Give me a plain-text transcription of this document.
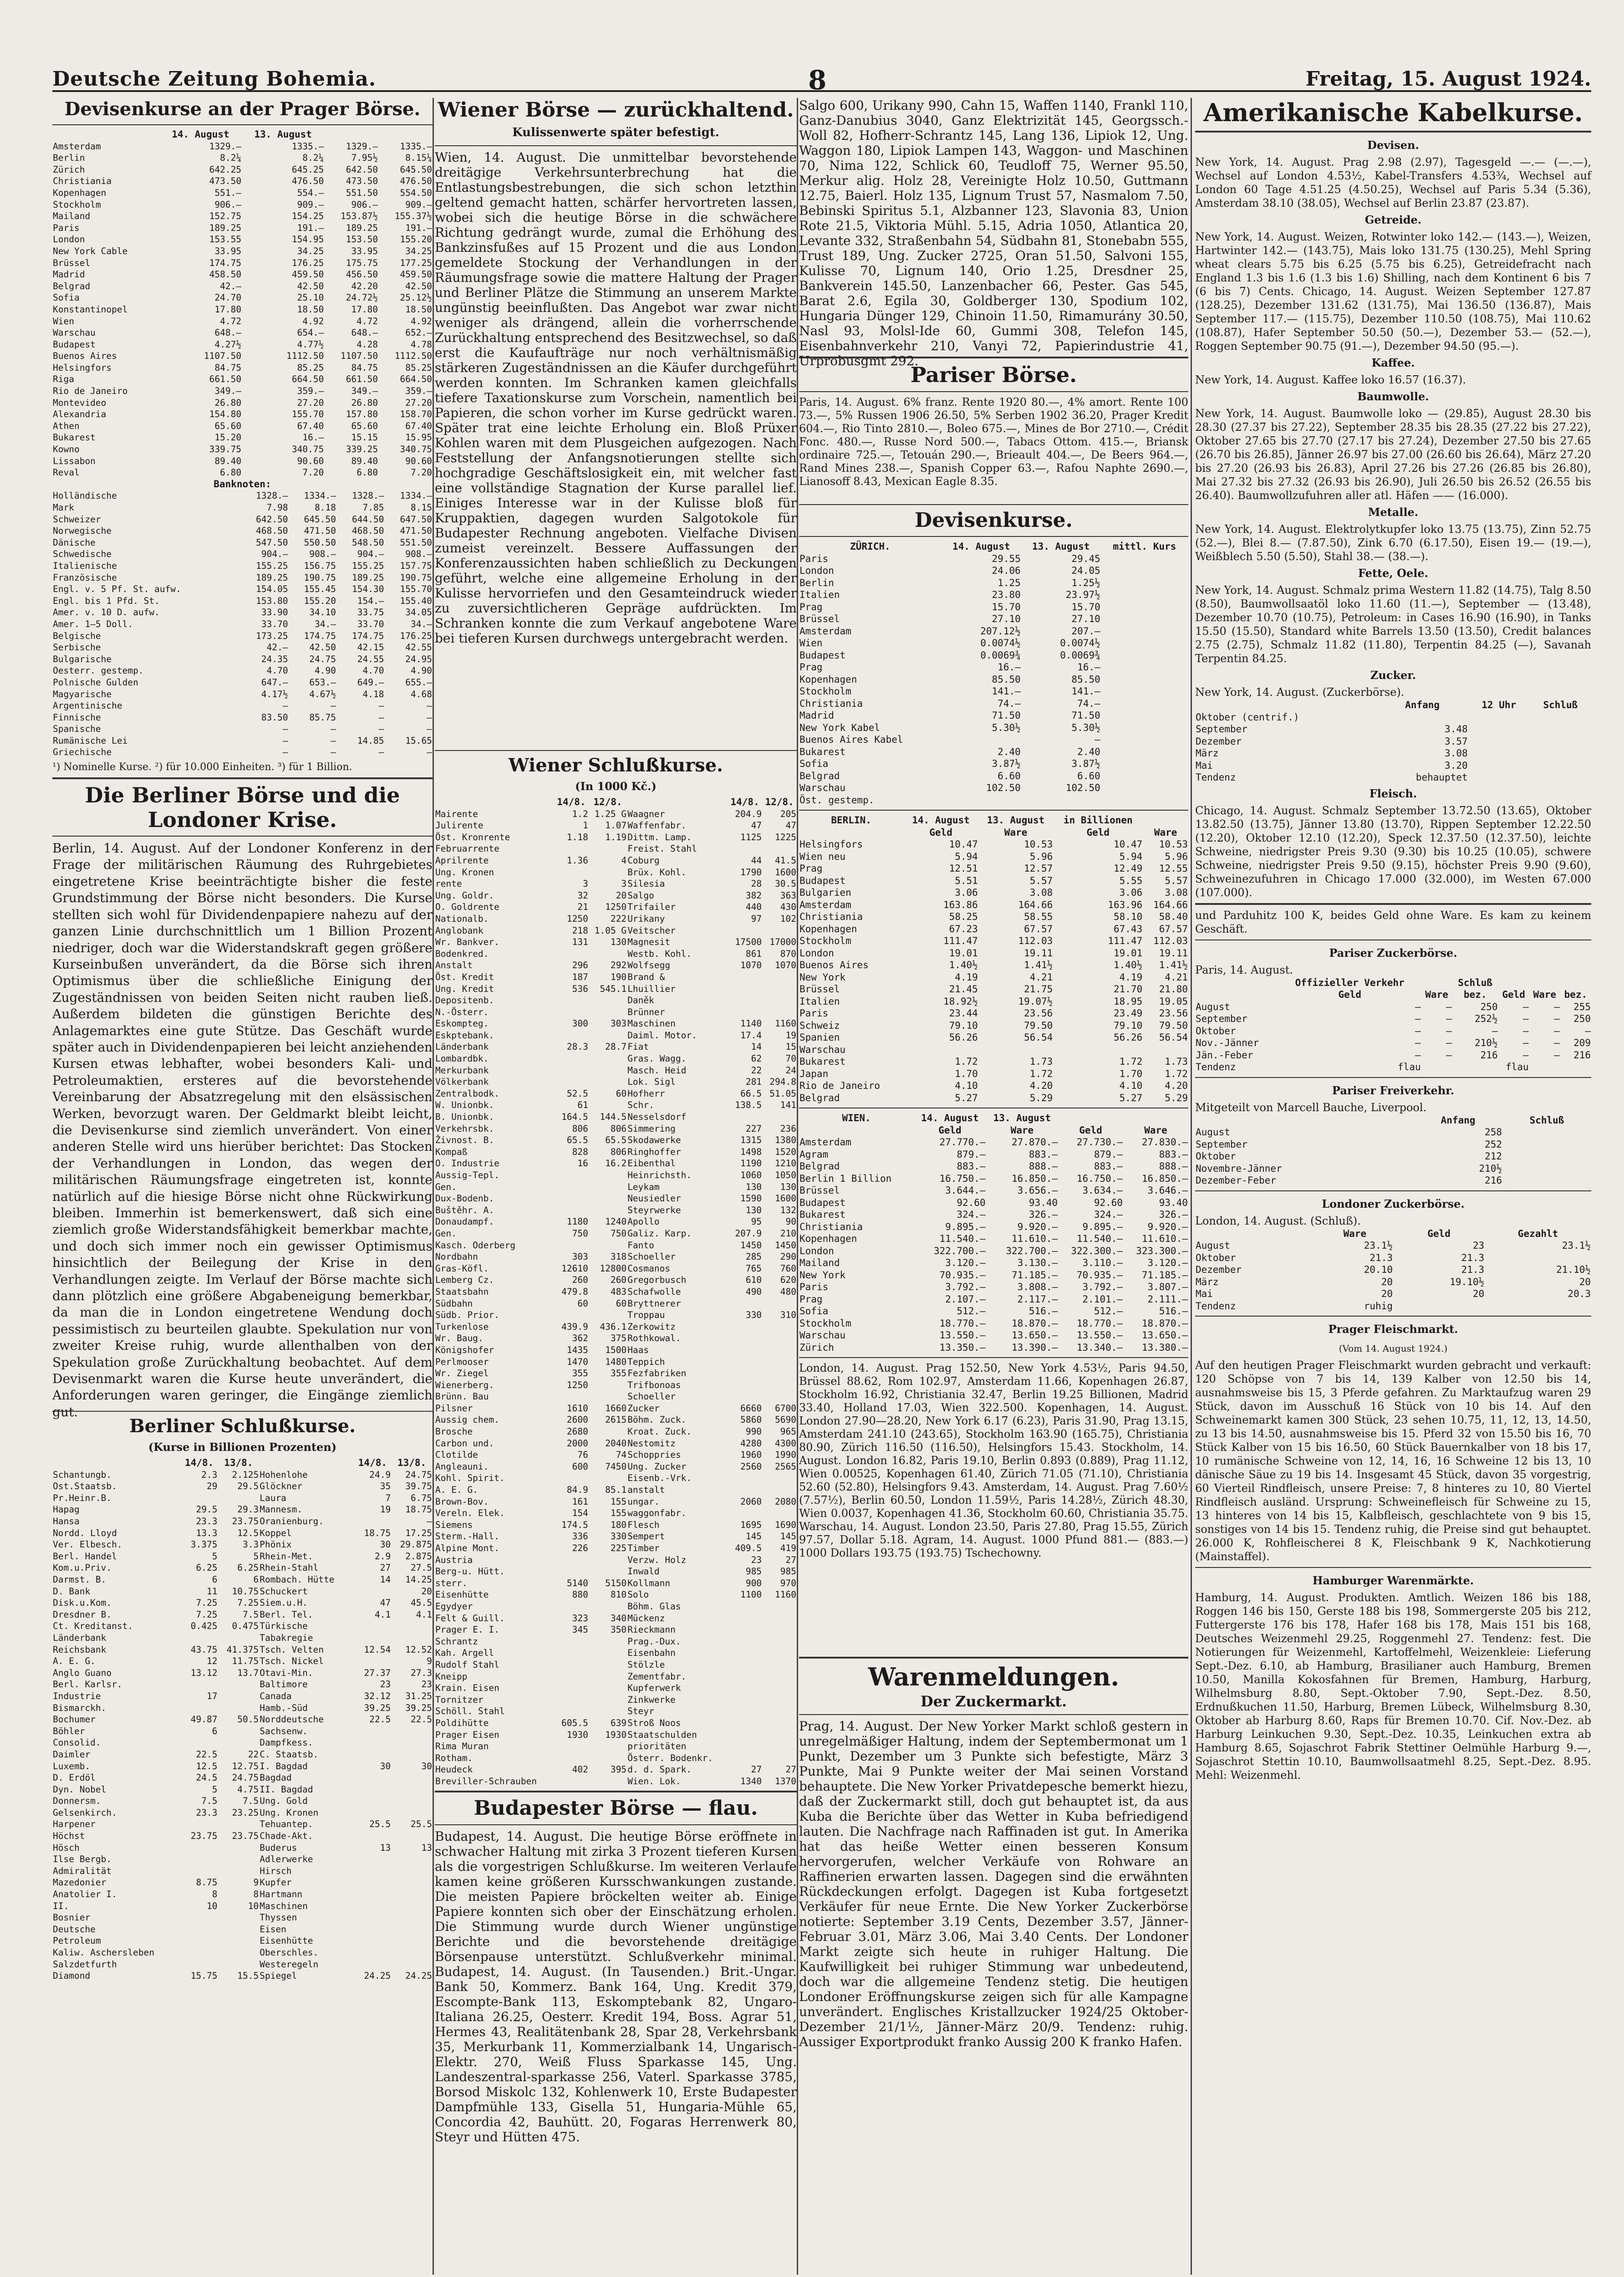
Deutsche Zeitung Bohemia.	8	Freitag, 15. August 1924.

Devisenkurse an der Prager Börse.

	14. August	13. August		
Amsterdam	1329.—	1335.—	1329.—	1335.—
Berlin	8.2¼	8.2¼	7.95½	8.15¼
Zürich	642.25	645.25	642.50	645.50
Christiania	473.50	476.50	473.50	476.50
Kopenhagen	551.—	554.—	551.50	554.50
Stockholm	906.—	909.—	906.—	909.—
Mailand	152.75	154.25	153.87½	155.37½
Paris	189.25	191.—	189.25	191.—
London	153.55	154.95	153.50	155.20
New York Cable	33.95	34.25	33.95	34.25
Brüssel	174.75	176.25	175.75	177.25
Madrid	458.50	459.50	456.50	459.50
Belgrad	42.—	42.50	42.20	42.50
Sofia	24.70	25.10	24.72½	25.12½
Konstantinopel	17.80	18.50	17.80	18.50
Wien	4.72	4.92	4.72	4.92
Warschau	648.—	654.—	648.—	652.—
Budapest	4.27½	4.77½	4.28	4.78
Buenos Aires	1107.50	1112.50	1107.50	1112.50
Helsingfors	84.75	85.25	84.75	85.25
Riga	661.50	664.50	661.50	664.50
Rio de Janeiro	349.—	359.—	349.—	359.—
Montevideo	26.80	27.20	26.80	27.20
Alexandria	154.80	155.70	157.80	158.70
Athen	65.60	67.40	65.60	67.40
Bukarest	15.20	16.—	15.15	15.95
Kowno	339.75	340.75	339.25	340.75
Lissabon	89.40	90.60	89.40	90.60
Reval	6.80	7.20	6.80	7.20
Banknoten:				
Holländische	1328.—	1334.—	1328.—	1334.—
Mark	7.98	8.18	7.85	8.15
Schweizer	642.50	645.50	644.50	647.50
Norwegische	468.50	471.50	468.50	471.50
Dänische	547.50	550.50	548.50	551.50
Schwedische	904.—	908.—	904.—	908.—
Italienische	155.25	156.75	155.25	157.75
Französische	189.25	190.75	189.25	190.75
Engl. v. 5 Pf. St. aufw.	154.05	155.45	154.30	155.70
Engl. bis 1 Pfd. St.	153.80	155.20	154.—	155.40
Amer. v. 10 D. aufw.	33.90	34.10	33.75	34.05
Amer. 1—5 Doll.	33.70	34.—	33.70	34.—
Belgische	173.25	174.75	174.75	176.25
Serbische	42.—	42.50	42.15	42.55
Bulgarische	24.35	24.75	24.55	24.95
Oesterr. gestemp.	4.70	4.90	4.70	4.90
Polnische Gulden	647.—	653.—	649.—	655.—
Magyarische	4.17½	4.67½	4.18	4.68
Argentinische	—	—	—	—
Finnische	83.50	85.75	—	—
Spanische	—	—	—	—
Rumänische Lei	—	—	14.85	15.65
Griechische	—	—	—	—

¹) Nominelle Kurse. ²) für 10.000 Einheiten. ³) für 1 Billion.

Die Berliner Börse und die Londoner Krise.

Berlin, 14. August. Auf der Londoner Konferenz in der Frage der militärischen Räumung des Ruhrgebietes eingetretene Krise beeinträchtigte bisher die feste Grundstimmung der Börse nicht besonders. Die Kurse stellten sich wohl für Dividendenpapiere nahezu auf der ganzen Linie durchschnittlich um 1 Billion Prozent niedriger, doch war die Widerstandskraft gegen größere Kurseinbußen unverändert, da die Börse sich ihren Optimismus über die schließliche Einigung der Zugeständnissen von beiden Seiten nicht rauben ließ. Außerdem bildeten die günstigen Berichte des Anlagemarktes eine gute Stütze. Das Geschäft wurde später auch in Dividendenpapieren bei leicht anziehenden Kursen etwas lebhafter, wobei besonders Kali- und Petroleumaktien, ersteres auf die bevorstehende Vereinbarung der Absatzregelung mit den elsässischen Werken, bevorzugt waren. Der Geldmarkt bleibt leicht, die Devisenkurse sind ziemlich unverändert. Von einer anderen Stelle wird uns hierüber berichtet: Das Stocken der Verhandlungen in London, das wegen der militärischen Räumungsfrage eingetreten ist, konnte natürlich auf die hiesige Börse nicht ohne Rückwirkung bleiben. Immerhin ist bemerkenswert, daß sich eine ziemlich große Widerstandsfähigkeit bemerkbar machte, und doch sich immer noch ein gewisser Optimismus hinsichtlich der Beilegung der Krise in den Verhandlungen zeigte. Im Verlauf der Börse machte sich dann plötzlich eine größere Abgabeneigung bemerkbar, da man die in London eingetretene Wendung doch pessimistisch zu beurteilen glaubte. Spekulation nur von zweiter Kreise ruhig, wurde allenthalben von der Spekulation große Zurückhaltung beobachtet. Auf dem Devisenmarkt waren die Kurse heute unverändert, die Anforderungen waren geringer, die Eingänge ziemlich gut.

Berliner Schlußkurse.

(Kurse in Billionen Prozenten)

	14/8.	13/8.		14/8.	13/8.
Schantungb.	2.3	2.125	Hohenlohe	24.9	24.75
Ost.Staatsb.	29	29.5	Glöckner	35	39.75
Pr.Heinr.B.			Laura	7	6.75
Hapag	29.5	29.3	Mannesm.	19	18.75
Hansa	23.3	23.75	Oranienburg.		—
Nordd. Lloyd	13.3	12.5	Koppel	18.75	17.25
Ver. Elbesch.	3.375	3.3	Phönix	30	29.875
Berl. Handel	5	5	Rhein-Met.	2.9	2.875
Kom.u.Priv.	6.25	6.25	Rhein-Stahl	27	27.5
Darmst. B.	6	6	Rombach. Hütte	14	14.25
D. Bank	11	10.75	Schuckert		20
Disk.u.Kom.	7.25	7.25	Siem.u.H.	47	45.5
Dresdner B.	7.25	7.5	Berl. Tel.	4.1	4.1
Ct. Kreditanst.	0.425	0.475	Türkische		
Länderbank			Tabakregie		
Reichsbank	43.75	41.375	Tsch. Velten	12.54	12.52
A. E. G.	12	11.75	Tsch. Nickel		9
Anglo Guano	13.12	13.7	Otavi-Min.	27.37	27.3
Berl. Karlsr.			Baltimore	23	23
Industrie	17		Canada	32.12	31.25
Bismarckh.			Hamb.-Süd	39.25	39.25
Bochumer	49.87	50.5	Norddeutsche	22.5	22.5
Böhler	6		Sachsenw.		
Consolid.			Dampfkess.		
Daimler	22.5	22	C. Staatsb.		
Luxemb.	12.5	12.75	I. Bagdad	30	30
D. Erdöl	24.5	24.75	Bagdad		
Dyn. Nobel	5	4.75	II. Bagdad		
Donnersm.	7.5	7.5	Ung. Gold		
Gelsenkirch.	23.3	23.25	Ung. Kronen		
Harpener			Tehuantep.	25.5	25.5
Höchst	23.75	23.75	Chade-Akt.		
Hösch			Buderus	13	13
Ilse Bergb.			Adlerwerke		
Admiralität			Hirsch		
Mazedonier	8.75	9	Kupfer		
Anatolier I.	8	8	Hartmann		
II.	10	10	Maschinen		
Bosnier			Thyssen		
Deutsche			Eisen		
Petroleum			Eisenhütte		
Kaliw. Aschersleben			Oberschles.		
Salzdetfurth			Westeregeln		
Diamond	15.75	15.5	Spiegel	24.25	24.25

Wiener Börse — zurückhaltend.

Kulissenwerte später befestigt.

Wien, 14. August. Die unmittelbar bevorstehende dreitägige Verkehrsunterbrechung hat die Entlastungsbestrebungen, die sich schon letzthin geltend gemacht hatten, schärfer hervortreten lassen, wobei sich die heutige Börse in die schwächere Richtung gedrängt wurde, zumal die Erhöhung des Bankzinsfußes auf 15 Prozent und die aus London gemeldete Stockung der Verhandlungen in der Räumungsfrage sowie die mattere Haltung der Prager und Berliner Plätze die Stimmung an unserem Markte ungünstig beeinflußten. Das Angebot war zwar nicht weniger als drängend, allein die vorherrschende Zurückhaltung entsprechend des Besitzwechsel, so daß erst die Kaufaufträge nur noch verhältnismäßig stärkeren Zugeständnissen an die Käufer durchgeführt werden konnten. Im Schranken kamen gleichfalls tiefere Taxationskurse zum Vorschein, namentlich bei Papieren, die schon vorher im Kurse gedrückt waren. Später trat eine leichte Erholung ein. Bloß Prüxer Kohlen waren mit dem Plusgeichen aufgezogen. Nach Feststellung der Anfangsnotierungen stellte sich hochgradige Geschäftslosigkeit ein, mit welcher fast eine vollständige Stagnation der Kurse parallel lief. Einiges Interesse war in der Kulisse bloß für Kruppaktien, dagegen wurden Salgotokole für Budapester Rechnung angeboten. Vielfache Divisen zumeist vereinzelt. Bessere Auffassungen der Konferenzaussichten haben schließlich zu Deckungen geführt, welche eine allgemeine Erholung in der Kulisse hervorriefen und den Gesamteindruck wieder zu zuversichtlicheren Gepräge aufdrückten. Im Schranken konnte die zum Verkauf angebotene Ware bei tieferen Kursen durchwegs untergebracht werden.

Wiener Schlußkurse.

(In 1000 Kč.)

	14/8.	12/8.		14/8.	12/8.
Mairente	1.2	1.25 G	Waagner	204.9	205
Julirente	1	1.07	Waffenfabr.	47	47
Öst. Kronrente	1.18	1.19	Dittm. Lamp.	1125	1225
Februarrente			Freist. Stahl		
Aprilrente	1.36	4	Coburg	44	41.5
Ung. Kronen			Brüx. Kohl.	1790	1600
rente	3	3	Silesia	28	30.5
Ung. Goldr.	32	20	Salgo	382	363
O. Goldrente	21	1250	Trifailer	440	430
Nationalb.	1250	222	Urikany	97	102
Anglobank	218	1.05 G	Veitscher		
Wr. Bankver.	131	130	Magnesit	17500	17000
Bodenkred.			Westb. Kohl.	861	870
Anstalt	296	292	Wolfsegg	1070	1070
Öst. Kredit	187	190	Brand &		
Ung. Kredit	536	545.1	Lhuillier		
Depositenb.			Daněk		
N.-Österr.			Brünner		
Eskompteg.	300	303	Maschinen	1140	1160
Eskptebank.			Daiml. Motor.	17.4	19
Länderbank	28.3	28.7	Fiat	14	15
Lombardbk.			Gras. Wagg.	62	70
Merkurbank			Masch. Heid	22	24
Völkerbank			Lok. Sigl	281	294.8
Zentralbodk.	52.5	60	Hofherr	66.5	51.05
W. Unionbk.	61		Schr.	138.5	141
B. Unionbk.	164.5	144.5	Nesselsdorf		
Verkehrsbk.	806	806	Simmering	227	236
Živnost. B.	65.5	65.5	Skodawerke	1315	1380
Kompaß	828	806	Ringhoffer	1498	1520
O. Industrie	16	16.2	Eibenthal	1190	1210
Aussig-Tepl.			Heinrichsth.	1060	1050
Gen.			Leykam	130	130
Dux-Bodenb.			Neusiedler	1590	1600
Buštěhr. A.			Steyrwerke	130	132
Donaudampf.	1180	1240	Apollo	95	90
Gen.	750	750	Galiz. Karp.	207.9	210
Kasch. Oderberg			Fanto	1450	1450
Nordbahn	303	318	Schoeller	285	290
Gras-Köfl.	12610	12800	Cosmanos	765	760
Lemberg Cz.	260	260	Gregorbusch	610	620
Staatsbahn	479.8	483	Schafwolle	490	480
Südbahn	60	60	Bryttnerer		
Südb. Prior.			Troppau	330	310
Turkenlose	439.9	436.1	Zerkowitz		
Wr. Baug.	362	375	Rothkowal.		
Königshofer	1435	1500	Haas		
Perlmooser	1470	1480	Teppich		
Wr. Ziegel	355	355	Fezfabriken		
Wienerberg.	1250		Trifbonoas		
Brünn. Bau			Schoeller		
Pilsner	1610	1660	Zucker	6660	6700
Aussig chem.	2600	2615	Böhm. Zuck.	5860	5690
Brosche	2680		Kroat. Zuck.	990	965
Carbon und.	2000	2040	Nestomitz	4280	4300
Clotilde	76	74	Schoppries	1960	1990
Angleauni.	600	7450	Ung. Zucker	2560	2565
Kohl. Spirit.			Eisenb.-Vrk.		
A. E. G.	84.9	85.1	anstalt		
Brown-Bov.	161	155	ungar.	2060	2080
Vereln. Elek.	154	155	waggonfabr.		
Siemens	174.5	180	Flesch	1695	1690
Sterm.-Hall.	336	330	Sempert	145	145
Alpine Mont.	226	225	Timber	409.5	419
Austria			Verzw. Holz	23	27
Berg-u. Hütt.			Inwald	985	985
sterr.	5140	5150	Kollmann	900	970
Eisenhütte	880	810	Solo	1100	1160
Egydyer			Böhm. Glas		
Felt & Guill.	323	340	Mückenz		
Prager E. I.	345	350	Rieckmann		
Schrantz			Prag.-Dux.		
Kah. Argell			Eisenbahn		
Rudolf Stahl			Stölzle		
Kneipp			Zementfabr.		
Krain. Eisen			Kupferwerk		
Tornitzer			Zinkwerke		
Schöll. Stahl			Steyr		
Poldihütte	605.5	639	Stroß Noos		
Prager Eisen	1930	1930	Staatschulden		
Rima Muran			prioritäten		
Rotham.			Österr. Bodenkr.		
Heudeck	402	395	d. d. Spark.	27	27
Breviller-Schrauben			Wien. Lok.	1340	1370

Budapester Börse — flau.

Budapest, 14. August. Die heutige Börse eröffnete in schwacher Haltung mit zirka 3 Prozent tieferen Kursen als die vorgestrigen Schlußkurse. Im weiteren Verlaufe kamen keine größeren Kursschwankungen zustande. Die meisten Papiere bröckelten weiter ab. Einige Papiere konnten sich ober der Einschätzung erholen. Die Stimmung wurde durch Wiener ungünstige Berichte und die bevorstehende dreitägige Börsenpause unterstützt. Schlußverkehr minimal. Budapest, 14. August. (In Tausenden.) Brit.-Ungar. Bank 50, Kommerz. Bank 164, Ung. Kredit 379, Escompte-Bank 113, Eskomptebank 82, Ungaro-Italiana 26.25, Oesterr. Kredit 194, Boss. Agrar 51, Hermes 43, Realitätenbank 28, Spar 28, Verkehrsbank 35, Merkurbank 11, Kommerzialbank 14, Ungarisch-Elektr. 270, Weiß Fluss Sparkasse 145, Ung. Landeszentral-sparkasse 256, Vaterl. Sparkasse 3785, Borsod Miskolc 132, Kohlenwerk 10, Erste Budapester Dampfmühle 133, Gisella 51, Hungaria-Mühle 65, Concordia 42, Bauhütt. 20, Fogaras Herrenwerk 80, Steyr und Hütten 475.

Salgo 600, Urikany 990, Cahn 15, Waffen 1140, Frankl 110, Ganz-Danubius 3040, Ganz Elektrizität 145, Georgssch.-Woll 82, Hofherr-Schrantz 145, Lang 136, Lipiok 12, Ung. Waggon 180, Lipiok Lampen 143, Waggon- und Maschinen 70, Nima 122, Schlick 60, Teudloff 75, Werner 95.50, Merkur alig. Holz 28, Vereinigte Holz 10.50, Guttmann 12.75, Baierl. Holz 135, Lignum Trust 57, Nasmalom 7.50, Bebinski Spiritus 5.1, Alzbanner 123, Slavonia 83, Union Rote 21.5, Viktoria Mühl. 5.15, Adria 1050, Atlantica 20, Levante 332, Straßenbahn 54, Südbahn 81, Stonebabn 555, Trust 189, Ung. Zucker 2725, Oran 51.50, Salvoni 155, Kulisse 70, Lignum 140, Orio 1.25, Dresdner 25, Bankverein 145.50, Lanzenbacher 66, Pester. Gas 545, Barat 2.6, Egila 30, Goldberger 130, Spodium 102, Hungaria Dünger 129, Chinoin 11.50, Rimamurány 30.50, Nasl 93, Molsl-Ide 60, Gummi 308, Telefon 145, Eisenbahnverkehr 210, Vanyi 72, Papierindustrie 41, Urprobusgmt 292.

Pariser Börse.

Paris, 14. August. 6% franz. Rente 1920 80.—, 4% amort. Rente 100 73.—, 5% Russen 1906 26.50, 5% Serben 1902 36.20, Prager Kredit 604.—, Rio Tinto 2810.—, Boleo 675.—, Mines de Bor 2710.—, Crédit Fonc. 480.—, Russe Nord 500.—, Tabacs Ottom. 415.—, Briansk ordinaire 725.—, Tetouán 290.—, Brieault 404.—, De Beers 964.—, Rand Mines 238.—, Spanish Copper 63.—, Rafou Naphte 2690.—, Lianosoff 8.43, Mexican Eagle 8.35.

Devisenkurse.

ZÜRICH.	14. August	13. August	mittl. Kurs
Paris	29.55	29.45	
London	24.06	24.05	
Berlin	1.25	1.25½	
Italien	23.80	23.97½	
Prag	15.70	15.70	
Brüssel	27.10	27.10	
Amsterdam	207.12½	207.—	
Wien	0.0074½	0.0074½	
Budapest	0.0069¾	0.0069¾	
Prag	16.—	16.—	
Kopenhagen	85.50	85.50	
Stockholm	141.—	141.—	
Christiania	74.—	74.—	
Madrid	71.50	71.50	
New York Kabel	5.30½	5.30½	
Buenos Aires Kabel		—	
Bukarest	2.40	2.40	
Sofia	3.87½	3.87½	
Belgrad	6.60	6.60	
Warschau	102.50	102.50	
Öst. gestemp.			
BERLIN.	14. August	13. August	in Billionen	
	Geld	Ware	Geld	Ware
Helsingfors	10.47	10.53	10.47	10.53
Wien neu	5.94	5.96	5.94	5.96
Prag	12.51	12.57	12.49	12.55
Budapest	5.51	5.57	5.55	5.57
Bulgarien	3.06	3.08	3.06	3.08
Amsterdam	163.86	164.66	163.96	164.66
Christiania	58.25	58.55	58.10	58.40
Kopenhagen	67.23	67.57	67.43	67.57
Stockholm	111.47	112.03	111.47	112.03
London	19.01	19.11	19.01	19.11
Buenos Aires	1.40½	1.41½	1.40½	1.41½
New York	4.19	4.21	4.19	4.21
Brüssel	21.45	21.75	21.70	21.80
Italien	18.92½	19.07½	18.95	19.05
Paris	23.44	23.56	23.49	23.56
Schweiz	79.10	79.50	79.10	79.50
Spanien	56.26	56.54	56.26	56.54
Warschau				
Bukarest	1.72	1.73	1.72	1.73
Japan	1.70	1.72	1.70	1.72
Rio de Janeiro	4.10	4.20	4.10	4.20
Belgrad	5.27	5.29	5.27	5.29
WIEN.	14. August	13. August		
	Geld	Ware	Geld	Ware
Amsterdam	27.770.—	27.870.—	27.730.—	27.830.—
Agram	879.—	883.—	879.—	883.—
Belgrad	883.—	888.—	883.—	888.—
Berlin 1 Billion	16.750.—	16.850.—	16.750.—	16.850.—
Brüssel	3.644.—	3.656.—	3.634.—	3.646.—
Budapest	92.60	93.40	92.60	93.40
Bukarest	324.—	326.—	324.—	326.—
Christiania	9.895.—	9.920.—	9.895.—	9.920.—
Kopenhagen	11.540.—	11.610.—	11.540.—	11.610.—
London	322.700.—	322.700.—	322.300.—	323.300.—
Mailand	3.120.—	3.130.—	3.110.—	3.120.—
New York	70.935.—	71.185.—	70.935.—	71.185.—
Paris	3.792.—	3.808.—	3.792.—	3.807.—
Prag	2.107.—	2.117.—	2.101.—	2.111.—
Sofia	512.—	516.—	512.—	516.—
Stockholm	18.770.—	18.870.—	18.770.—	18.870.—
Warschau	13.550.—	13.650.—	13.550.—	13.650.—
Zürich	13.350.—	13.390.—	13.340.—	13.380.—

London, 14. August. Prag 152.50, New York 4.53½, Paris 94.50, Brüssel 88.62, Rom 102.97, Amsterdam 11.66, Kopenhagen 26.87, Stockholm 16.92, Christiania 32.47, Berlin 19.25 Billionen, Madrid 33.40, Holland 17.03, Wien 322.500. Kopenhagen, 14. August. London 27.90—28.20, New York 6.17 (6.23), Paris 31.90, Prag 13.15, Amsterdam 241.10 (243.65), Stockholm 163.90 (165.75), Christiania 80.90, Zürich 116.50 (116.50), Helsingfors 15.43. Stockholm, 14. August. London 16.82, Paris 19.10, Berlin 0.893 (0.889), Prag 11.12, Wien 0.00525, Kopenhagen 61.40, Zürich 71.05 (71.10), Christiania 52.60 (52.80), Helsingfors 9.43. Amsterdam, 14. August. Prag 7.60½ (7.57½), Berlin 60.50, London 11.59½, Paris 14.28½, Zürich 48.30, Wien 0.0037, Kopenhagen 41.36, Stockholm 60.60, Christiania 35.75. Warschau, 14. August. London 23.50, Paris 27.80, Prag 15.55, Zürich 97.57, Dollar 5.18. Agram, 14. August. 1000 Pfund 881.— (883.—) 1000 Dollars 193.75 (193.75) Tschechowny.

Warenmeldungen.

Der Zuckermarkt.

Prag, 14. August. Der New Yorker Markt schloß gestern in unregelmäßiger Haltung, indem der Septembermonat um 1 Punkt, Dezember um 3 Punkte sich befestigte, März 3 Punkte, Mai 9 Punkte weiter der Mai seinen Vorstand behauptete. Die New Yorker Privatdepesche bemerkt hiezu, daß der Zuckermarkt still, doch gut behauptet ist, da aus Kuba die Berichte über das Wetter in Kuba befriedigend lauten. Die Nachfrage nach Raffinaden ist gut. In Amerika hat das heiße Wetter einen besseren Konsum hervorgerufen, welcher Verkäufe von Rohware an Raffinerien erwarten lassen. Dagegen sind die erwähnten Rückdeckungen erfolgt. Dagegen ist Kuba fortgesetzt Verkäufer für neue Ernte. Die New Yorker Zuckerbörse notierte: September 3.19 Cents, Dezember 3.57, Jänner-Februar 3.01, März 3.06, Mai 3.40 Cents. Der Londoner Markt zeigte sich heute in ruhiger Haltung. Die Kaufwilligkeit bei ruhiger Stimmung war unbedeutend, doch war die allgemeine Tendenz stetig. Die heutigen Londoner Eröffnungskurse zeigen sich für alle Kampagne unverändert. Englisches Kristallzucker 1924/25 Oktober-Dezember 21/1½, Jänner-März 20/9. Tendenz: ruhig. Aussiger Exportprodukt franko Aussig 200 K franko Hafen.

Amerikanische Kabelkurse.

Devisen.

New York, 14. August. Prag 2.98 (2.97), Tagesgeld —.— (—.—), Wechsel auf London 4.53½, Kabel-Transfers 4.53¾, Wechsel auf London 60 Tage 4.51.25 (4.50.25), Wechsel auf Paris 5.34 (5.36), Amsterdam 38.10 (38.05), Wechsel auf Berlin 23.87 (23.87).

Getreide.

New York, 14. August. Weizen, Rotwinter loko 142.— (143.—), Weizen, Hartwinter 142.— (143.75), Mais loko 131.75 (130.25), Mehl Spring wheat clears 5.75 bis 6.25 (5.75 bis 6.25), Getreidefracht nach England 1.3 bis 1.6 (1.3 bis 1.6) Shilling, nach dem Kontinent 6 bis 7 (6 bis 7) Cents. Chicago, 14. August. Weizen September 127.87 (128.25), Dezember 131.62 (131.75), Mai 136.50 (136.87), Mais September 117.— (115.75), Dezember 110.50 (108.75), Mai 110.62 (108.87), Hafer September 50.50 (50.—), Dezember 53.— (52.—), Roggen September 90.75 (91.—), Dezember 94.50 (95.—).

Kaffee.

New York, 14. August. Kaffee loko 16.57 (16.37).

Baumwolle.

New York, 14. August. Baumwolle loko — (29.85), August 28.30 bis 28.30 (27.37 bis 27.22), September 28.35 bis 28.35 (27.22 bis 27.22), Oktober 27.65 bis 27.70 (27.17 bis 27.24), Dezember 27.50 bis 27.65 (26.70 bis 26.85), Jänner 26.97 bis 27.00 (26.60 bis 26.64), März 27.20 bis 27.20 (26.93 bis 26.83), April 27.26 bis 27.26 (26.85 bis 26.80), Mai 27.32 bis 27.32 (26.93 bis 26.90), Juli 26.50 bis 26.52 (26.55 bis 26.40). Baumwollzufuhren aller atl. Häfen —— (16.000).

Metalle.

New York, 14. August. Elektrolytkupfer loko 13.75 (13.75), Zinn 52.75 (52.—), Blei 8.— (7.87.50), Zink 6.70 (6.17.50), Eisen 19.— (19.—), Weißblech 5.50 (5.50), Stahl 38.— (38.—).

Fette, Oele.

New York, 14. August. Schmalz prima Western 11.82 (14.75), Talg 8.50 (8.50), Baumwollsaatöl loko 11.60 (11.—), September — (13.48), Dezember 10.70 (10.75), Petroleum: in Cases 16.90 (16.90), in Tanks 15.50 (15.50), Standard white Barrels 13.50 (13.50), Credit balances 2.75 (2.75), Schmalz 11.82 (11.80), Terpentin 84.25 (—), Savanah Terpentin 84.25.

Zucker.

New York, 14. August. (Zuckerbörse).

	Anfang	12 Uhr	Schluß
Oktober (centrif.)			
September	3.48		
Dezember	3.57		
März	3.08		
Mai	3.20		
Tendenz	behauptet		

Fleisch.

Chicago, 14. August. Schmalz September 13.72.50 (13.65), Oktober 13.82.50 (13.75), Jänner 13.80 (13.70), Rippen September 12.22.50 (12.20), Oktober 12.10 (12.20), Speck 12.37.50 (12.37.50), leichte Schweine, niedrigster Preis 9.30 (9.30) bis 10.25 (10.05), schwere Schweine, niedrigster Preis 9.50 (9.15), höchster Preis 9.90 (9.60), Schweinezufuhren in Chicago 17.000 (32.000), im Westen 67.000 (107.000).

und Parduhitz 100 K, beides Geld ohne Ware. Es kam zu keinem Geschäft.

Pariser Zuckerbörse.

Paris, 14. August.

	Offizieller Verkehr		Schluß			
	Geld	Ware	bez.	Geld	Ware	bez.
August	—	—	250	—	—	255
September	—	—	252½	—	—	250
Oktober	—	—	—	—	—	—
Nov.-Jänner	—	—	210½	—	—	209
Jän.-Feber	—	—	216	—	—	216
Tendenz	flau			flau		

Pariser Freiverkehr.

Mitgeteilt von Marcell Bauche, Liverpool.

	Anfang	Schluß
August	258	
September	252	
Oktober	212	
Novembre-Jänner	210½	
Dezember-Feber	216	

Londoner Zuckerbörse.

London, 14. August. (Schluß).

	Ware	Geld	Gezahlt
August	23.1½	23	23.1½
Oktober	21.3	21.3	
Dezember	20.10	21.3	21.10½
März	20	19.10½	20
Mai	20	20	20.3
Tendenz	ruhig		

Prager Fleischmarkt.

(Vom 14. August 1924.)

Auf den heutigen Prager Fleischmarkt wurden gebracht und verkauft: 120 Schöpse von 7 bis 14, 139 Kalber von 12.50 bis 14, ausnahmsweise bis 15, 3 Pferde gefahren. Zu Marktaufzug waren 29 Stück, davon im Ausschuß 16 Stück von 10 bis 14. Auf den Schweinemarkt kamen 300 Stück, 23 sehen 10.75, 11, 12, 13, 14.50, zu 13 bis 14.50, ausnahmsweise bis 15. Pferd 32 von 15.50 bis 16, 70 Stück Kalber von 15 bis 16.50, 60 Stück Bauernkalber von 18 bis 17, 10 rumänische Schweine von 12, 14, 16, 16 Schweine 12 bis 13, 10 dänische Säue zu 19 bis 14. Insgesamt 45 Stück, davon 35 vorgestrig, 60 Vierteil Rindfleisch, unsere Preise: 7, 8 hinteres zu 10, 80 Viertel Rindfleisch ausländ. Ursprung: Schweinefleisch für Schweine zu 15, 13 hinteres von 14 bis 15, Kalbfleisch, geschlachtete von 9 bis 15, sonstiges von 14 bis 15. Tendenz ruhig, die Preise sind gut behauptet. 26.000 K, Rohfleischerei 8 K, Fleischbank 9 K, Nachkotierung (Mainstaffel).

Hamburger Warenmärkte.

Hamburg, 14. August. Produkten. Amtlich. Weizen 186 bis 188, Roggen 146 bis 150, Gerste 188 bis 198, Sommergerste 205 bis 212, Futtergerste 176 bis 178, Hafer 168 bis 178, Mais 151 bis 168, Deutsches Weizenmehl 29.25, Roggenmehl 27. Tendenz: fest. Die Notierungen für Weizenmehl, Kartoffelmehl, Weizenkleie: Lieferung Sept.-Dez. 6.10, ab Hamburg, Brasilianer auch Hamburg, Bremen 10.50, Manilla Kokosfahnen für Bremen, Hamburg, Harburg, Wilhelmsburg 8.80, Sept.-Oktober 7.90, Sept.-Dez. 8.50, Erdnußkuchen 11.50, Harburg, Bremen Lübeck, Wilhelmsburg 8.30, Oktober ab Harburg 8.60, Raps für Bremen 10.70. Cif. Nov.-Dez. ab Harburg Leinkuchen 9.30, Sept.-Dez. 10.35, Leinkuchen extra ab Hamburg 8.65, Sojaschrot Fabrik Stettiner Oelmühle Harburg 9.—, Sojaschrot Stettin 10.10, Baumwollsaatmehl 8.25, Sept.-Dez. 8.95. Mehl: Weizenmehl.
